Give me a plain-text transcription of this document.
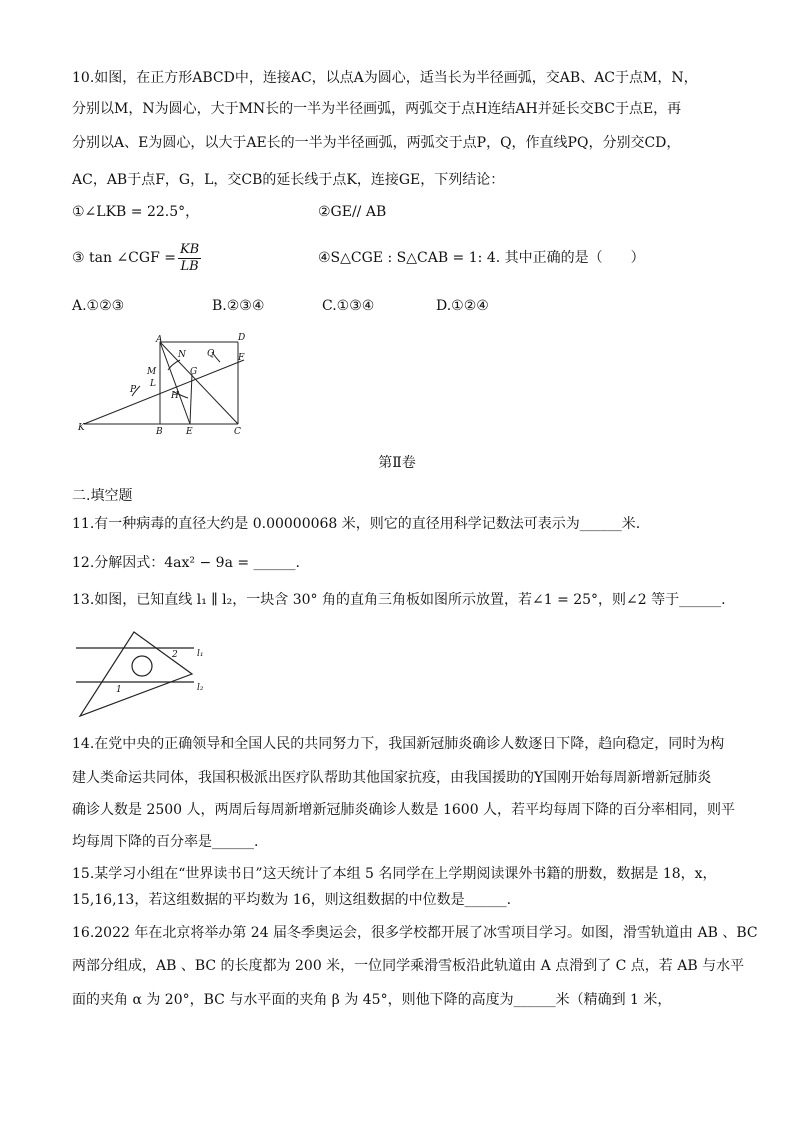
10.如图，在正方形ABCD中，连接AC，以点A为圆心，适当长为半径画弧，交AB、AC于点M，N，
分别以M，N为圆心，大于MN长的一半为半径画弧，两弧交于点H连结AH并延长交BC于点E，再
分别以A、E为圆心，以大于AE长的一半为半径画弧，两弧交于点P，Q，作直线PQ，分别交CD，
AC，AB于点F，G，L，交CB的延长线于点K，连接GE，下列结论：
①∠LKB = 22.5°，	②GE// AB
③ tan ∠CGF = $\frac{KB}{LB}$	④S△CGE : S△CAB = 1: 4. 其中正确的是（　　）
A.①②③	B.②③④	C.①③④	D.①②④
A	D
N Q	F
M	G
L
P
H
K	B	E	C
第Ⅱ卷
二.填空题
11.有一种病毒的直径大约是 0.00000068 米，则它的直径用科学记数法可表示为______米.
12.分解因式：4ax² − 9a = ______.
13.如图，已知直线 l₁ ∥ l₂，一块含 30° 角的直角三角板如图所示放置，若∠1 = 25°，则∠2 等于______.
l₁
l₂
1
2
14.在党中央的正确领导和全国人民的共同努力下，我国新冠肺炎确诊人数逐日下降，趋向稳定，同时为构
建人类命运共同体，我国积极派出医疗队帮助其他国家抗疫，由我国援助的Y国刚开始每周新增新冠肺炎
确诊人数是 2500 人，两周后每周新增新冠肺炎确诊人数是 1600 人，若平均每周下降的百分率相同，则平
均每周下降的百分率是______.
15.某学习小组在“世界读书日”这天统计了本组 5 名同学在上学期阅读课外书籍的册数，数据是 18，x，
15,16,13，若这组数据的平均数为 16，则这组数据的中位数是______.
16.2022 年在北京将举办第 24 届冬季奥运会，很多学校都开展了冰雪项目学习。如图，滑雪轨道由 AB 、BC
两部分组成，AB 、BC 的长度都为 200 米，一位同学乘滑雪板沿此轨道由 A 点滑到了 C 点，若 AB 与水平
面的夹角 α 为 20°，BC 与水平面的夹角 β 为 45°，则他下降的高度为______米（精确到 1 米，
